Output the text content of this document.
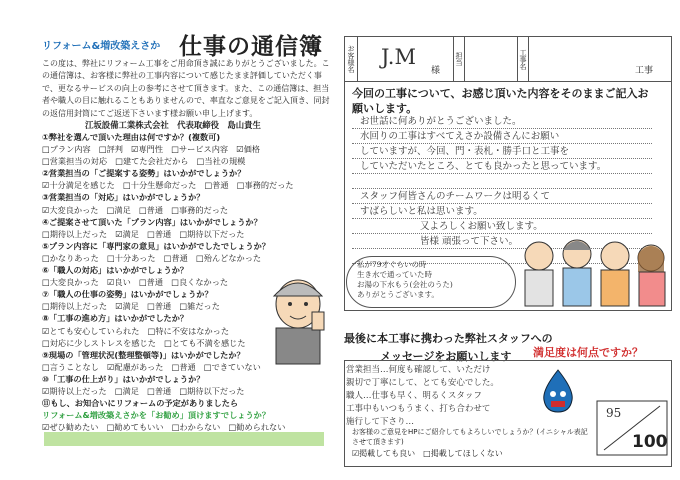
リフォーム&増改築えさか 仕事の通信簿
この度は、弊社にリフォーム工事をご用命頂き誠にありがとうございました。この通信簿は、お客様に弊社の工事内容について感じたまま評価していただく事で、更なるサービスの向上の参考にさせて頂きます。また、この通信簿は、担当者や職人の目に触れることもありませんので、率直なご意見をご記入頂き、同封の返信用封筒にてご返送下さいます様お願い申し上げます。
江坂設備工業株式会社　代表取締役　島山貴生
①弊社を選んで頂いた理由は何ですか？(複数可)
□プラン内容　□評判　☑専門性　□サービス内容　☑価格
□営業担当の対応　□建てた会社だから　□当社の規模
②営業担当の「ご提案する姿勢」はいかがでしょうか？
☑十分満足を感じた　□十分生懸命だった　□普通　□事務的だった
③営業担当の「対応」はいかがでしょうか？
☑大変良かった　□満足　□普通　□事務的だった
④ご提案させて頂いた「プラン内容」はいかがでしょうか？
□期待以上だった　☑満足　□普通　□期待以下だった
⑤プラン内容に「専門家の意見」はいかがでしたでしょうか？
□かなりあった　□十分あった　□普通　□殆んどなかった
⑥「職人の対応」はいかがでしょうか？
□大変良かった　☑良い　□普通　□良くなかった
⑦「職人の仕事の姿勢」はいかがでしょうか？
□期待以上だった　☑満足　□普通　□雑だった
⑧「工事の進め方」はいかがでしたか？
☑とても安心していられた　□特に不安はなかった
□対応に少しストレスを感じた　□とても不満を感じた
⑨現場の「管理状況(整理整頓等)」はいかがでしたか？
□言うことなし　☑配慮があった　□普通　□できていない
⑩「工事の仕上がり」はいかがでしょうか？
☑期待以上だった　□満足　□普通　□期待以下だった
⑪もし、お知合いにリフォームの予定がありましたら
リフォーム&増改築えさかを「お勧め」頂けますでしょうか？
☑ぜひ勧めたい　□勧めてもいい　□わからない　□勧められない
お客様名 J.M
様
担当	工事名
工事
今回の工事について、お感じ頂いた内容をそのままご記入お願いします。
お世話に何ありがとうございました。
水回りの工事はすべてえさか設備さんにお願い
していますが、今回、門・表札・勝手口と工事を
していただいたところ、とても良かったと思っています。
スタッフ何皆さんのチームワークは明るくて
すばらしいと私は思います。
又よろしくお願い致します。
皆様 頑張って下さい。
私が79才ぐらいの時
生き水で通っていた時
お湯の下水もう(会社のうた)
ありがとうございます。
最後に本工事に携わった弊社スタッフへの
メッセージをお願いします 満足度は何点ですか？
営業担当…何度も確認して、いただけ
親切で丁寧にして、とても安心でした。
職人…仕事も早く、明るくスタッフ
工事中もいつもうまく、打ち合わせて
施行して下さり…
95
100
お客様のご意見をHPにご紹介してもよろしいでしょうか？(イニシャル表記させて頂きます)
☑掲載しても良い　□掲載してほしくない
